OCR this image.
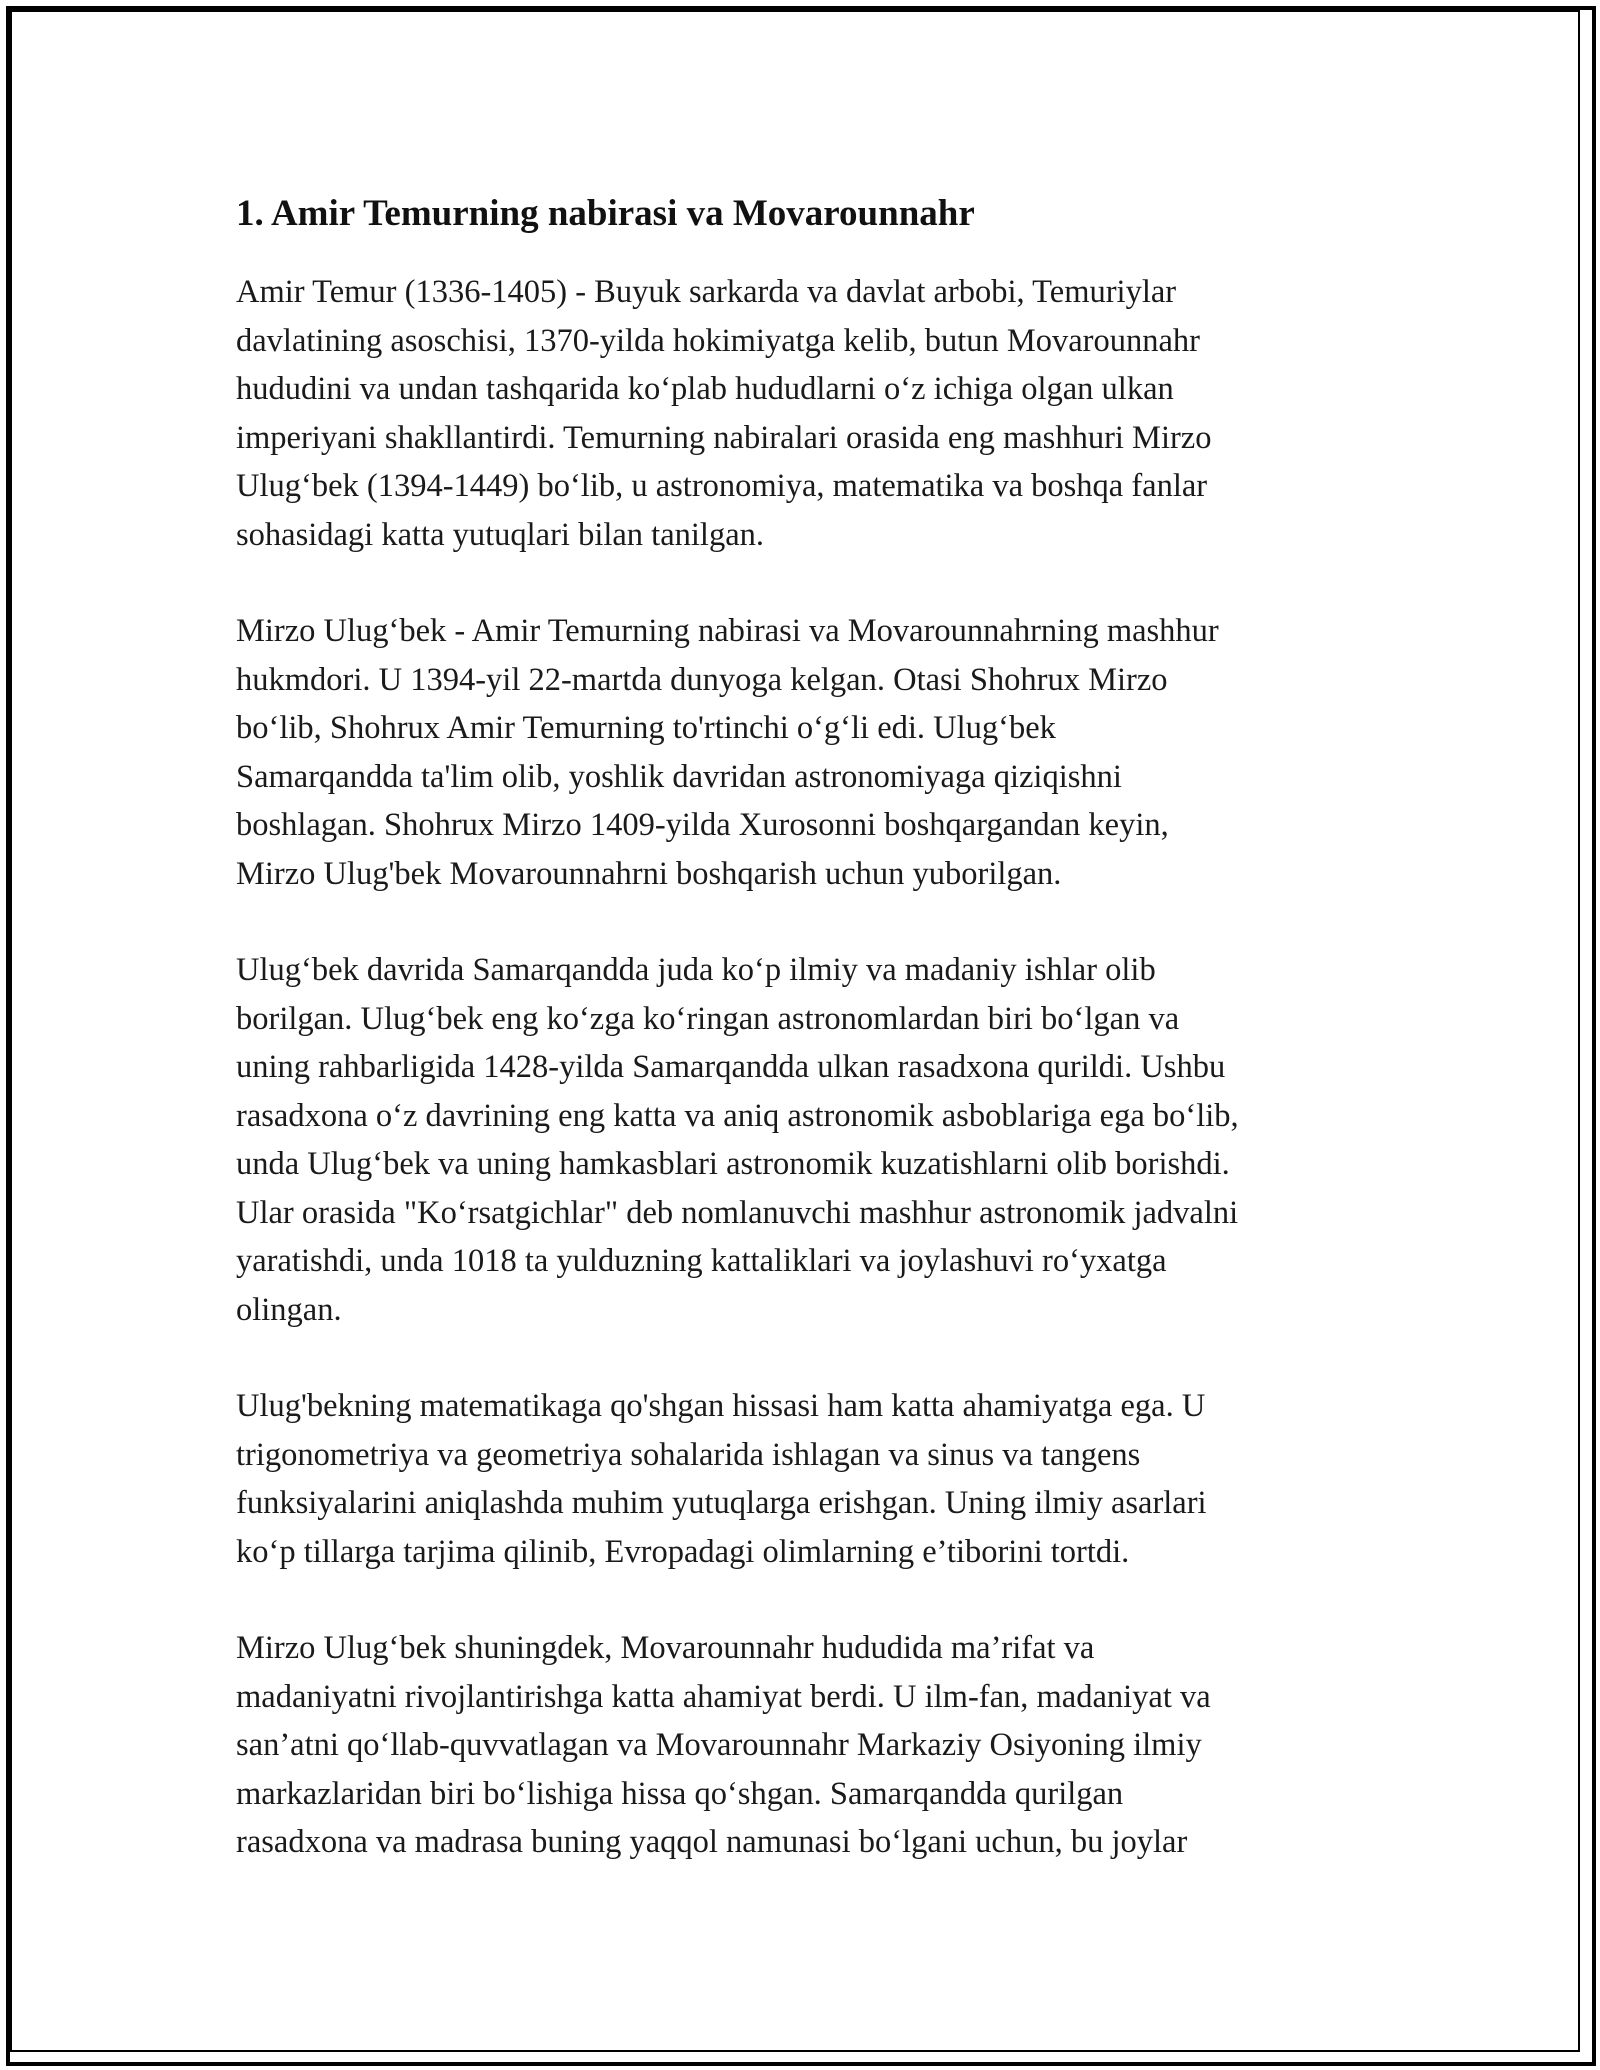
1. Amir Temurning nabirasi va Movarounnahr

Amir Temur (1336-1405) - Buyuk sarkarda va davlat arbobi, Temuriylar
davlatining asoschisi, 1370-yilda hokimiyatga kelib, butun Movarounnahr
hududini va undan tashqarida koʻplab hududlarni oʻz ichiga olgan ulkan
imperiyani shakllantirdi. Temurning nabiralari orasida eng mashhuri Mirzo
Ulugʻbek (1394-1449) boʻlib, u astronomiya, matematika va boshqa fanlar
sohasidagi katta yutuqlari bilan tanilgan.

Mirzo Ulugʻbek - Amir Temurning nabirasi va Movarounnahrning mashhur
hukmdori. U 1394-yil 22-martda dunyoga kelgan. Otasi Shohrux Mirzo
boʻlib, Shohrux Amir Temurning to'rtinchi oʻgʻli edi. Ulugʻbek
Samarqandda ta'lim olib, yoshlik davridan astronomiyaga qiziqishni
boshlagan. Shohrux Mirzo 1409-yilda Xurosonni boshqargandan keyin,
Mirzo Ulug'bek Movarounnahrni boshqarish uchun yuborilgan.

Ulugʻbek davrida Samarqandda juda koʻp ilmiy va madaniy ishlar olib
borilgan. Ulugʻbek eng koʻzga koʻringan astronomlardan biri boʻlgan va
uning rahbarligida 1428-yilda Samarqandda ulkan rasadxona qurildi. Ushbu
rasadxona oʻz davrining eng katta va aniq astronomik asboblariga ega boʻlib,
unda Ulugʻbek va uning hamkasblari astronomik kuzatishlarni olib borishdi.
Ular orasida "Koʻrsatgichlar" deb nomlanuvchi mashhur astronomik jadvalni
yaratishdi, unda 1018 ta yulduzning kattaliklari va joylashuvi roʻyxatga
olingan.

Ulug'bekning matematikaga qo'shgan hissasi ham katta ahamiyatga ega. U
trigonometriya va geometriya sohalarida ishlagan va sinus va tangens
funksiyalarini aniqlashda muhim yutuqlarga erishgan. Uning ilmiy asarlari
koʻp tillarga tarjima qilinib, Evropadagi olimlarning e’tiborini tortdi.

Mirzo Ulugʻbek shuningdek, Movarounnahr hududida ma’rifat va
madaniyatni rivojlantirishga katta ahamiyat berdi. U ilm-fan, madaniyat va
san’atni qoʻllab-quvvatlagan va Movarounnahr Markaziy Osiyoning ilmiy
markazlaridan biri boʻlishiga hissa qoʻshgan. Samarqandda qurilgan
rasadxona va madrasa buning yaqqol namunasi boʻlgani uchun, bu joylar
